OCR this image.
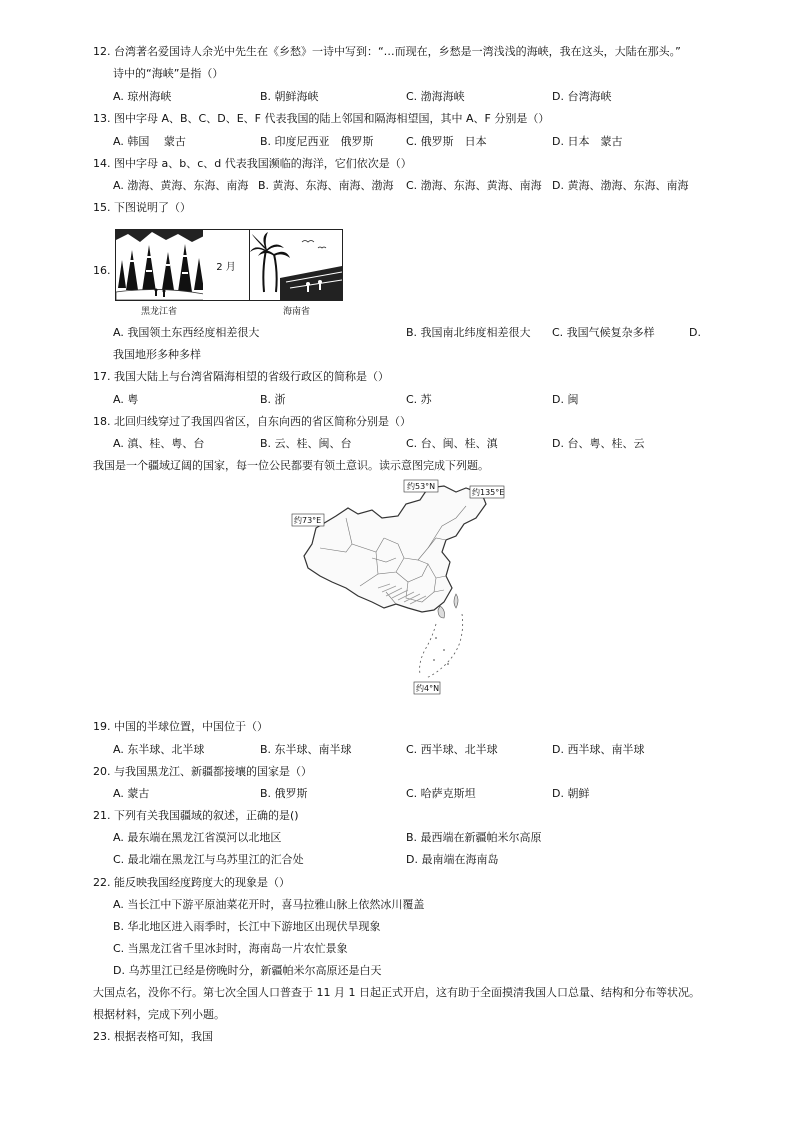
12. 台湾著名爱国诗人余光中先生在《乡愁》一诗中写到：“…而现在，乡愁是一湾浅浅的海峡，我在这头，大陆在那头。”
诗中的“海峡”是指（）
A. 琼州海峡	B. 朝鲜海峡	C. 渤海海峡	D. 台湾海峡
13. 图中字母 A、B、C、D、E、F 代表我国的陆上邻国和隔海相望国，其中 A、F 分别是（）
A. 韩国　 蒙古	B. 印度尼西亚　俄罗斯	C. 俄罗斯　日本	D. 日本　蒙古
14. 图中字母 a、b、c、d 代表我国濒临的海洋，它们依次是（）
A. 渤海、黄海、东海、南海 B. 黄海、东海、南海、渤海 C. 渤海、东海、黄海、南海 D. 黄海、渤海、东海、南海
15. 下图说明了（）
16.	2 月
黑龙江省	海南省
A. 我国领土东西经度相差很大	B. 我国南北纬度相差很大 C. 我国气候复杂多样	D.
我国地形多种多样
17. 我国大陆上与台湾省隔海相望的省级行政区的简称是（）
A. 粤	B. 浙	C. 苏	D. 闽
18. 北回归线穿过了我国四省区，自东向西的省区简称分别是（）
A. 滇、桂、粤、台	B. 云、桂、闽、台	C. 台、闽、桂、滇	D. 台、粤、桂、云
我国是一个疆域辽阔的国家，每一位公民都要有领土意识。读示意图完成下列题。
约73°E
约53°N
约135°E
约4°N
19. 中国的半球位置，中国位于（）
A. 东半球、北半球	B. 东半球、南半球	C. 西半球、北半球	D. 西半球、南半球
20. 与我国黑龙江、新疆都接壤的国家是（）
A. 蒙古	B. 俄罗斯	C. 哈萨克斯坦	D. 朝鲜
21. 下列有关我国疆域的叙述，正确的是()
A. 最东端在黑龙江省漠河以北地区	B. 最西端在新疆帕米尔高原
C. 最北端在黑龙江与乌苏里江的汇合处	D. 最南端在海南岛
22. 能反映我国经度跨度大的现象是（）
A. 当长江中下游平原油菜花开时，喜马拉雅山脉上依然冰川覆盖
B. 华北地区进入雨季时，长江中下游地区出现伏旱现象
C. 当黑龙江省千里冰封时，海南岛一片农忙景象
D. 乌苏里江已经是傍晚时分，新疆帕米尔高原还是白天
大国点名，没你不行。第七次全国人口普查于 11 月 1 日起正式开启，这有助于全面摸清我国人口总量、结构和分布等状况。
根据材料，完成下列小题。
23. 根据表格可知，我国
